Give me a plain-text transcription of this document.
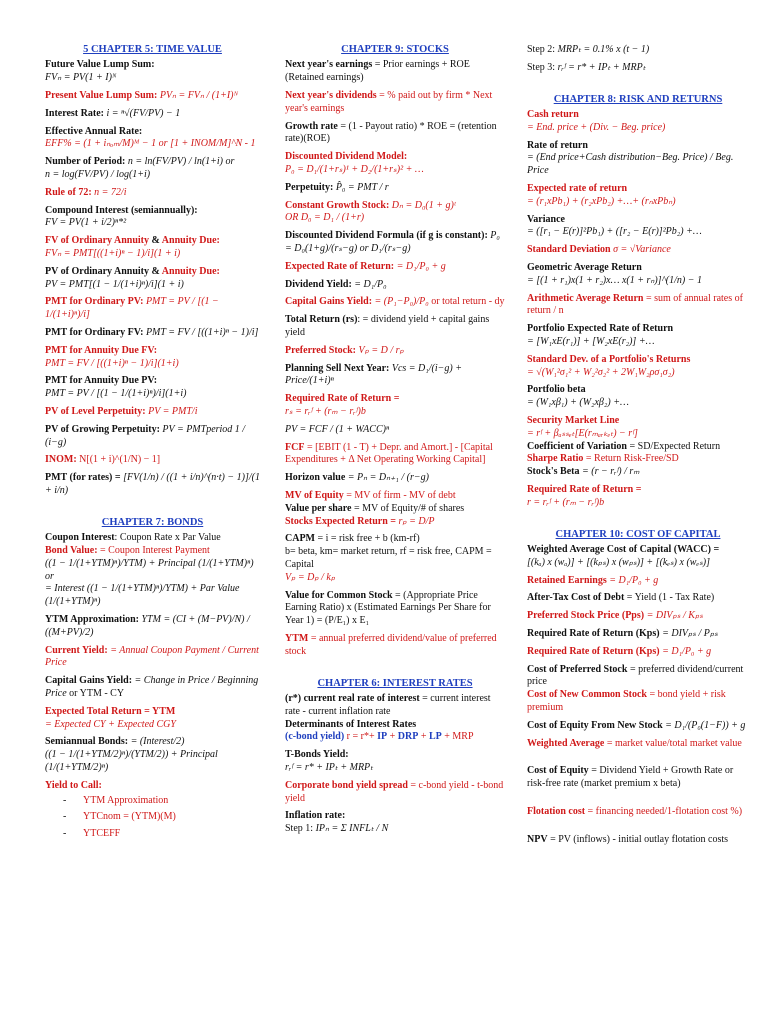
5 CHAPTER 5: TIME VALUE
Future Value Lump Sum:
FVₙ = PV(1 + I)ᴺ
Present Value Lump Sum: PVₙ = FVₙ / (1+I)ᴺ
Interest Rate: i = ⁿ√(FV/PV) − 1
Effective Annual Rate:
EFF% = (1 + iₙₒₘ/M)ᴹ − 1 or [1 + INOM/M]^N - 1
Number of Period: n = ln(FV/PV) / ln(1+i) or
n = log(FV/PV) / log(1+i)
Rule of 72: n = 72/i
Compound Interest (semiannually):
FV = PV(1 + i/2)ⁿ*²
FV of Ordinary Annuity & Annuity Due:
FVₙ = PMT[((1+i)ⁿ − 1)/i](1 + i)
PV of Ordinary Annuity & Annuity Due:
PV = PMT[(1 − 1/(1+i)ⁿ)/i](1 + i)
PMT for Ordinary PV: PMT = PV / [(1 − 1/(1+i)ⁿ)/i]
PMT for Ordinary FV: PMT = FV / [((1+i)ⁿ − 1)/i]
PMT for Annuity Due FV:
PMT = FV / [((1+i)ⁿ − 1)/i](1+i)
PMT for Annuity Due PV:
PMT = PV / [(1 − 1/(1+i)ⁿ)/i](1+i)
PV of Level Perpetuity: PV = PMT/i
PV of Growing Perpetuity: PV = PMTperiod 1 / (i−g)
INOM: N[(1 + i)^(1/N) − 1]
PMT (for rates) = [FV(1/n) / ((1 + i/n)^(n·t) − 1)]/(1 + i/n)
CHAPTER 7: BONDS
Coupon Interest: Coupon Rate x Par Value
Bond Value: = Coupon Interest Payment
((1 − 1/(1+YTM)ⁿ)/YTM) + Principal (1/(1+YTM)ⁿ) or
= Interest ((1 − 1/(1+YTM)ⁿ)/YTM) + Par Value (1/(1+YTM)ⁿ)
YTM Approximation: YTM = (CI + (M−PV)/N) / ((M+PV)/2)
Current Yield: = Annual Coupon Payment / Current Price
Capital Gains Yield: = Change in Price / Beginning Price or YTM - CY
Expected Total Return = YTM
= Expected CY + Expected CGY
Semiannual Bonds: = (Interest/2)
((1 − 1/(1+YTM/2)ⁿ)/(YTM/2)) + Principal (1/(1+YTM/2)ⁿ)
Yield to Call:
- YTM Approximation
- YTCnom = (YTM)(M)
- YTCEFF
CHAPTER 9: STOCKS
Next year's earnings = Prior earnings + ROE (Retained earnings)
Next year's dividends = % paid out by firm * Next year's earnings
Growth rate = (1 - Payout ratio) * ROE = (retention rate)(ROE)
Discounted Dividend Model:
P₀ = D₁/(1+rₛ)¹ + D₂/(1+rₛ)² + …
Perpetuity: P̂₀ = PMT / r
Constant Growth Stock: Dₙ = D₀(1 + g)ᵗ
OR D₀ = D₁ / (1+r)
Discounted Dividend Formula (if g is constant): P₀ = D₀(1+g)/(rₛ−g) or D₁/(rₛ−g)
Expected Rate of Return: = D₁/P₀ + g
Dividend Yield: = D₁/P₀
Capital Gains Yield: = (P₁−P₀)/P₀ or total return - dy
Total Return (rs): = dividend yield + capital gains yield
Preferred Stock: Vₚ = D / rₚ
Planning Sell Next Year: Vcs = D₁/(i−g) + Price/(1+i)ⁿ
Required Rate of Return =
rₛ = rᵣᶠ + (rₘ − rᵣᶠ)b
PV = FCF / (1 + WACC)ⁿ
FCF = [EBIT (1 - T) + Depr. and Amort.] - [Capital Expenditures + Δ Net Operating Working Capital]
Horizon value = Pₙ = Dₙ₊₁ / (r−g)
MV of Equity = MV of firm - MV of debt
Value per share = MV of Equity/# of shares
Stocks Expected Return = rₚ = D/P
CAPM = i = risk free + b (km-rf)
b= beta, km= market return, rf = risk free, CAPM = Capital
Vₚ = Dₚ / kₚ
Value for Common Stock = (Appropriate Price Earning Ratio) x (Estimated Earnings Per Share for Year 1) = (P/E₁) x E₁
YTM = annual preferred dividend/value of preferred stock
CHAPTER 6: INTEREST RATES
(r*) current real rate of interest = current interest rate - current inflation rate
Determinants of Interest Rates
(c-bond yield) r = r*+ IP + DRP + LP + MRP
T-Bonds Yield:
rᵣᶠ = r* + IPₜ + MRPₜ
Corporate bond yield spread = c-bond yield - t-bond yield
Inflation rate:
Step 1: IPₙ = Σ INFLₜ / N
Step 2: MRPₜ = 0.1% x (t − 1)
Step 3: rᵣᶠ = r* + IPₜ + MRPₜ
CHAPTER 8: RISK AND RETURNS
Cash return
= End. price + (Div. − Beg. price)
Rate of return
= (End price+Cash distribution−Beg. Price) / Beg. Price
Expected rate of return
= (r₁xPb₁) + (r₂xPb₂) +…+ (rₙxPbₙ)
Variance
= ([r₁ − E(r)]²Pb₁) + ([r₂ − E(r)]²Pb₂) +…
Standard Deviation σ = √Variance
Geometric Average Return
= [(1 + r₁)x(1 + r₂)x… x(1 + rₙ)]^(1/n) − 1
Arithmetic Average Return = sum of annual rates of return / n
Portfolio Expected Rate of Return
= [W₁xE(r₁)] + [W₂xE(r₂)] +…
Standard Dev. of a Portfolio's Returns
= √(W₁²σ₁² + W₂²σ₂² + 2W₁W₂ρσ₁σ₂)
Portfolio beta
= (W₁xβ₁) + (W₂xβ₂) +…
Security Market Line
= rᶠ + βₐₛₛₑₜ[E(rₘₐᵣₖₑₜ) − rᶠ]
Coefficient of Variation = SD/Expected Return
Sharpe Ratio = Return Risk-Free/SD
Stock's Beta = (r − rᵣᶠ) / rₘ
Required Rate of Return =
r = rᵣᶠ + (rₘ − rᵣᶠ)b
CHAPTER 10: COST OF CAPITAL
Weighted Average Cost of Capital (WACC) =
[(kₐ) x (wₐ)] + [(kₚₛ) x (wₚₛ)] + [(kₑₛ) x (wₑₛ)]
Retained Earnings = D₁/P₀ + g
After-Tax Cost of Debt = Yield (1 - Tax Rate)
Preferred Stock Price (Pps) = DIVₚₛ / Kₚₛ
Required Rate of Return (Kps) = DIVₚₛ / Pₚₛ
Required Rate of Return (Kps) = D₁/P₀ + g
Cost of Preferred Stock = preferred dividend/current price
Cost of New Common Stock = bond yield + risk premium
Cost of Equity From New Stock = D₁/(P₀(1−F)) + g
Weighted Average = market value/total market value
Cost of Equity = Dividend Yield + Growth Rate or risk-free rate (market premium x beta)
Flotation cost = financing needed/1-flotation cost %)
NPV = PV (inflows) - initial outlay flotation costs
